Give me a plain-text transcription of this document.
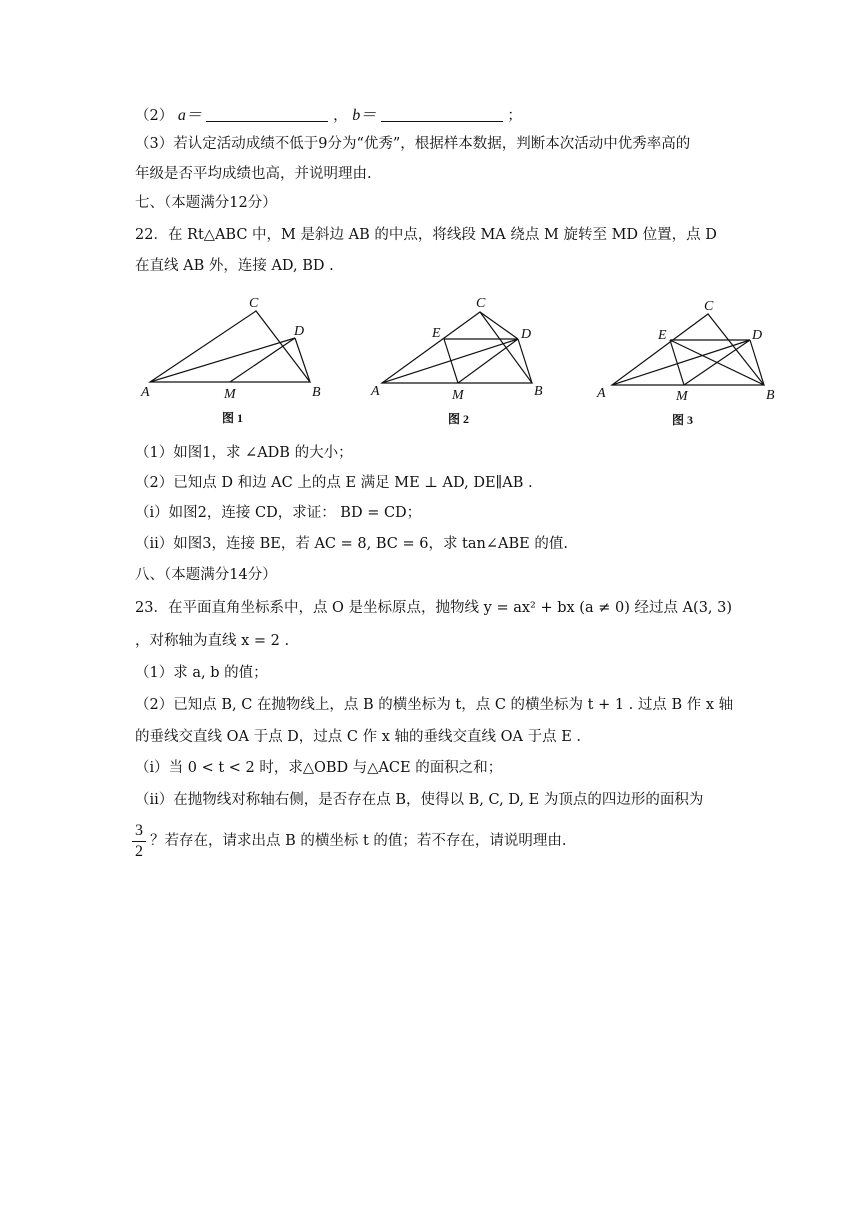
（2） a＝	， b＝	；
（3）若认定活动成绩不低于9分为“优秀”，根据样本数据，判断本次活动中优秀率高的
年级是否平均成绩也高，并说明理由.
七、（本题满分12分）
22．在 Rt△ABC 中，M 是斜边 AB 的中点，将线段 MA 绕点 M 旋转至 MD 位置，点 D
在直线 AB 外，连接 AD, BD .
C
D
A	M	B
C
E	D
A	M	B
C
E	D
A	M	B
图 1	图 2	图 3
（1）如图1，求 ∠ADB 的大小；
（2）已知点 D 和边 AC 上的点 E 满足 ME ⊥ AD, DE∥AB .
（ⅰ）如图2，连接 CD，求证： BD = CD；
（ⅱ）如图3，连接 BE，若 AC = 8, BC = 6，求 tan∠ABE 的值.
八、（本题满分14分）
23．在平面直角坐标系中，点 O 是坐标原点，抛物线 y = ax² + bx (a ≠ 0) 经过点 A(3, 3)
，对称轴为直线 x = 2 .
（1）求 a, b 的值；
（2）已知点 B, C 在抛物线上，点 B 的横坐标为 t，点 C 的横坐标为 t + 1 . 过点 B 作 x 轴
的垂线交直线 OA 于点 D，过点 C 作 x 轴的垂线交直线 OA 于点 E .
（ⅰ）当 0 < t < 2 时，求△OBD 与△ACE 的面积之和；
（ⅱ）在抛物线对称轴右侧，是否存在点 B，使得以 B, C, D, E 为顶点的四边形的面积为
3
2
？若存在，请求出点 B 的横坐标 t 的值；若不存在，请说明理由.
